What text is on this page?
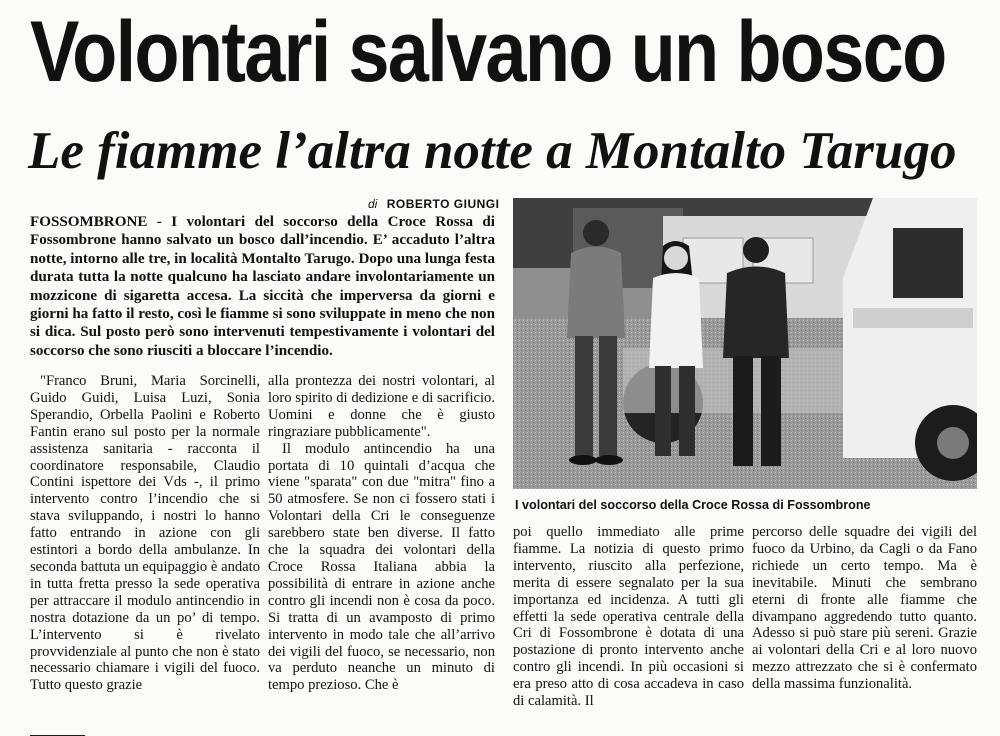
Volontari salvano un bosco
Le fiamme l’altra notte a Montalto Tarugo
di ROBERTO GIUNGI

FOSSOMBRONE - I volontari del soccorso della Croce Rossa di Fossombrone hanno salvato un bosco dall’incendio. E’ accaduto l’altra notte, intorno alle tre, in località Montalto Tarugo. Dopo una lunga festa durata tutta la notte qualcuno ha lasciato andare involontariamente un mozzicone di sigaretta accesa. La siccità che imperversa da giorni e giorni ha fatto il resto, così le fiamme si sono sviluppate in meno che non si dica. Sul posto però sono intervenuti tempestivamente i volontari del soccorso che sono riusciti a bloccare l’incendio.

"Franco Bruni, Maria Sorcinelli, Guido Guidi, Luisa Luzi, Sonia Sperandio, Orbella Paolini e Roberto Fantin erano sul posto per la normale assistenza sanitaria - racconta il coordinatore responsabile, Claudio Contini ispettore dei Vds -, il primo intervento contro l’incendio che si stava sviluppando, i nostri lo hanno fatto entrando in azione con gli estintori a bordo della ambulanze. In seconda battuta un equipaggio è andato in tutta fretta presso la sede operativa per attraccare il modulo antincendio in nostra dotazione da un po’ di tempo. L’intervento si è rivelato provvidenziale al punto che non è stato necessario chiamare i vigili del fuoco. Tutto questo grazie

alla prontezza dei nostri volontari, al loro spirito di dedizione e di sacrificio. Uomini e donne che è giusto ringraziare pubblicamente".

Il modulo antincendio ha una portata di 10 quintali d’acqua che viene "sparata" con due "mitra" fino a 50 atmosfere. Se non ci fossero stati i Volontari della Cri le conseguenze sarebbero state ben diverse. Il fatto che la squadra dei volontari della Croce Rossa Italiana abbia la possibilità di entrare in azione anche contro gli incendi non è cosa da poco. Si tratta di un avamposto di primo intervento in modo tale che all’arrivo dei vigili del fuoco, se necessario, non va perduto neanche un minuto di tempo prezioso. Che è

I volontari del soccorso della Croce Rossa di Fossombrone

poi quello immediato alle prime fiamme. La notizia di questo primo intervento, riuscito alla perfezione, merita di essere segnalato per la sua importanza ed incidenza. A tutti gli effetti la sede operativa centrale della Cri di Fossombrone è dotata di una postazione di pronto intervento anche contro gli incendi. In più occasioni si era preso atto di cosa accadeva in caso di calamità. Il

percorso delle squadre dei vigili del fuoco da Urbino, da Cagli o da Fano richiede un certo tempo. Ma è inevitabile. Minuti che sembrano eterni di fronte alle fiamme che divampano aggredendo tutto quanto. Adesso si può stare più sereni. Grazie ai volontari della Cri e al loro nuovo mezzo attrezzato che si è confermato della massima funzionalità.
